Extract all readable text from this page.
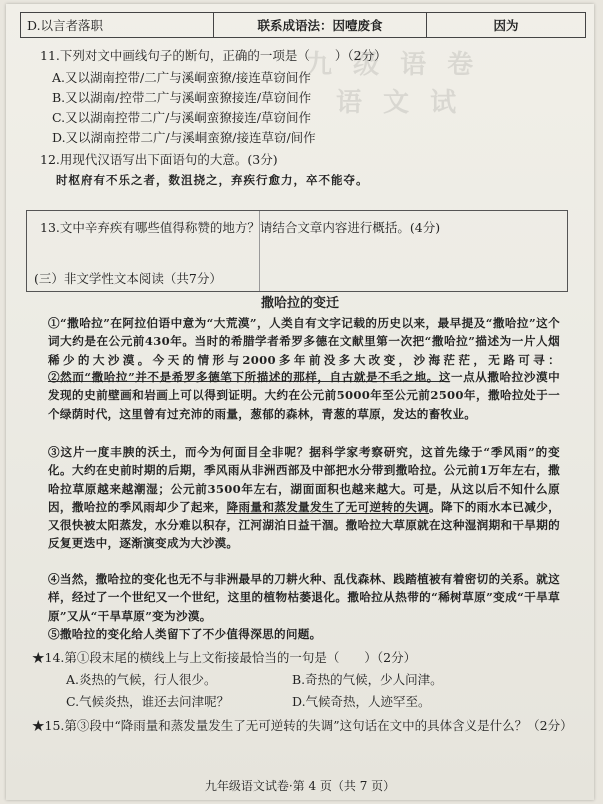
九 级 语 卷
语 文 试
D.以言者落职	联系成语法：因噎废食	因为
11.下列对文中画线句子的断句，正确的一项是（　　）（2分）
A.又以湖南控带/二广与溪峒蛮獠/接连草窃间作
B.又以湖南/控带二广与溪峒蛮獠接连/草窃间作
C.又以湖南控带二广/与溪峒蛮獠接连/草窃间作
D.又以湖南控带二广/与溪峒蛮獠/接连草窃/间作
12.用现代汉语写出下面语句的大意。(3分)
时枢府有不乐之者，数沮挠之，弃疾行愈力，卒不能夺。
13.文中辛弃疾有哪些值得称赞的地方？请结合文章内容进行概括。(4分)
(三）非文学性文本阅读（共7分）
撒哈拉的变迁
①“撒哈拉”在阿拉伯语中意为“大荒漠”，人类自有文字记载的历史以来，最早提及“撒哈拉”这个词大约是在公元前430年。当时的希腊学者希罗多德在文献里第一次把“撒哈拉”描述为一片人烟稀少的大沙漠。今天的情形与2000多年前没多大改变，沙海茫茫，无路可寻：
②然而“撒哈拉”并不是希罗多德笔下所描述的那样，自古就是不毛之地。这一点从撒哈拉沙漠中发现的史前壁画和岩画上可以得到证明。大约在公元前5000年至公元前2500年，撒哈拉处于一个绿荫时代，这里曾有过充沛的雨量，葱郁的森林，青葱的草原，发达的畜牧业。
③这片一度丰腴的沃土，而今为何面目全非呢？据科学家考察研究，这首先缘于“季风雨”的变化。大约在史前时期的后期，季风雨从非洲西部及中部把水分带到撒哈拉。公元前1万年左右，撒哈拉草原越来越潮湿；公元前3500年左右，湖面面积也越来越大。可是，从这以后不知什么原因，撒哈拉的季风雨却少了起来，降雨量和蒸发量发生了无可逆转的失调。降下的雨水本已减少，又很快被太阳蒸发，水分难以积存，江河湖泊日益干涸。撒哈拉大草原就在这种湿润期和干旱期的反复更迭中，逐渐演变成为大沙漠。
④当然，撒哈拉的变化也无不与非洲最早的刀耕火种、乱伐森林、践踏植被有着密切的关系。就这样，经过了一个世纪又一个世纪，这里的植物枯萎退化。撒哈拉从热带的“稀树草原”变成“干旱草原”又从“干旱草原”变为沙漠。
⑤撒哈拉的变化给人类留下了不少值得深思的问题。
★14.第①段末尾的横线上与上文衔接最恰当的一句是（　　）（2分）
A.炎热的气候，行人很少。	B.奇热的气候，少人问津。
C.气候炎热，谁还去问津呢？	D.气候奇热，人迹罕至。
★15.第③段中“降雨量和蒸发量发生了无可逆转的失调”这句话在文中的具体含义是什么？（2分）
九年级语文试卷·第 4 页（共 7 页）
